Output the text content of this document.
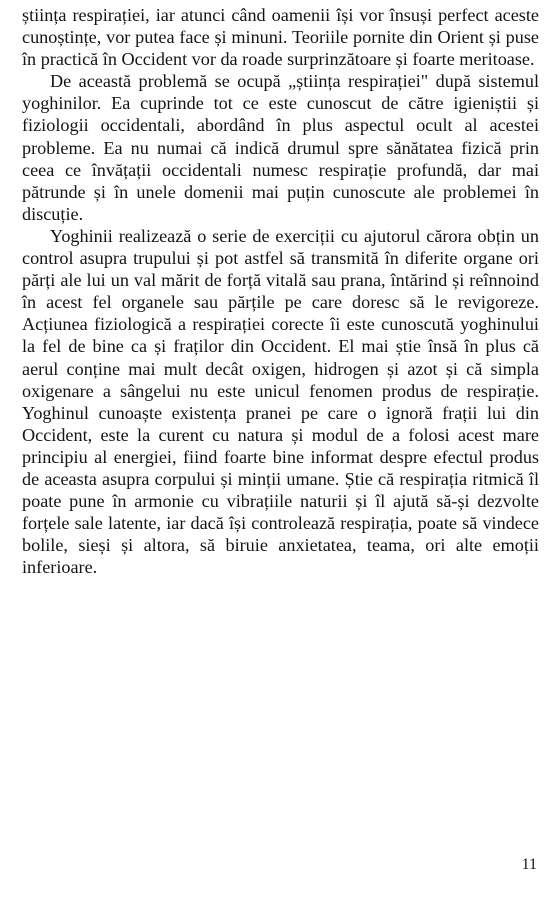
știința respirației, iar atunci când oamenii își vor însuși perfect aceste cunoștințe, vor putea face și minuni. Teoriile pornite din Orient și puse în practică în Occident vor da roade surprinzătoare și foarte meritoase.

De această problemă se ocupă „știința respirației" după sistemul yoghinilor. Ea cuprinde tot ce este cunoscut de către igieniștii și fiziologii occidentali, abordând în plus aspectul ocult al acestei probleme. Ea nu numai că indică drumul spre sănătatea fizică prin ceea ce învățații occidentali numesc respirație profundă, dar mai pătrunde și în unele domenii mai puțin cunoscute ale problemei în discuție.

Yoghinii realizează o serie de exerciții cu ajutorul cărora obțin un control asupra trupului și pot astfel să transmită în diferite organe ori părți ale lui un val mărit de forță vitală sau prana, întărind și reînnoind în acest fel organele sau părțile pe care doresc să le revigoreze. Acțiunea fiziologică a respirației corecte îi este cunoscută yoghinului la fel de bine ca și fraților din Occident. El mai știe însă în plus că aerul conține mai mult decât oxigen, hidrogen și azot și că simpla oxigenare a sângelui nu este unicul fenomen produs de respirație. Yoghinul cunoaște existența pranei pe care o ignoră frații lui din Occident, este la curent cu natura și modul de a folosi acest mare principiu al energiei, fiind foarte bine informat despre efectul produs de aceasta asupra corpului și minții umane. Știe că respirația ritmică îl poate pune în armonie cu vibrațiile naturii și îl ajută să-și dezvolte forțele sale latente, iar dacă își controlează respirația, poate să vindece bolile, sieși și altora, să biruie anxietatea, teama, ori alte emoții inferioare.

11
